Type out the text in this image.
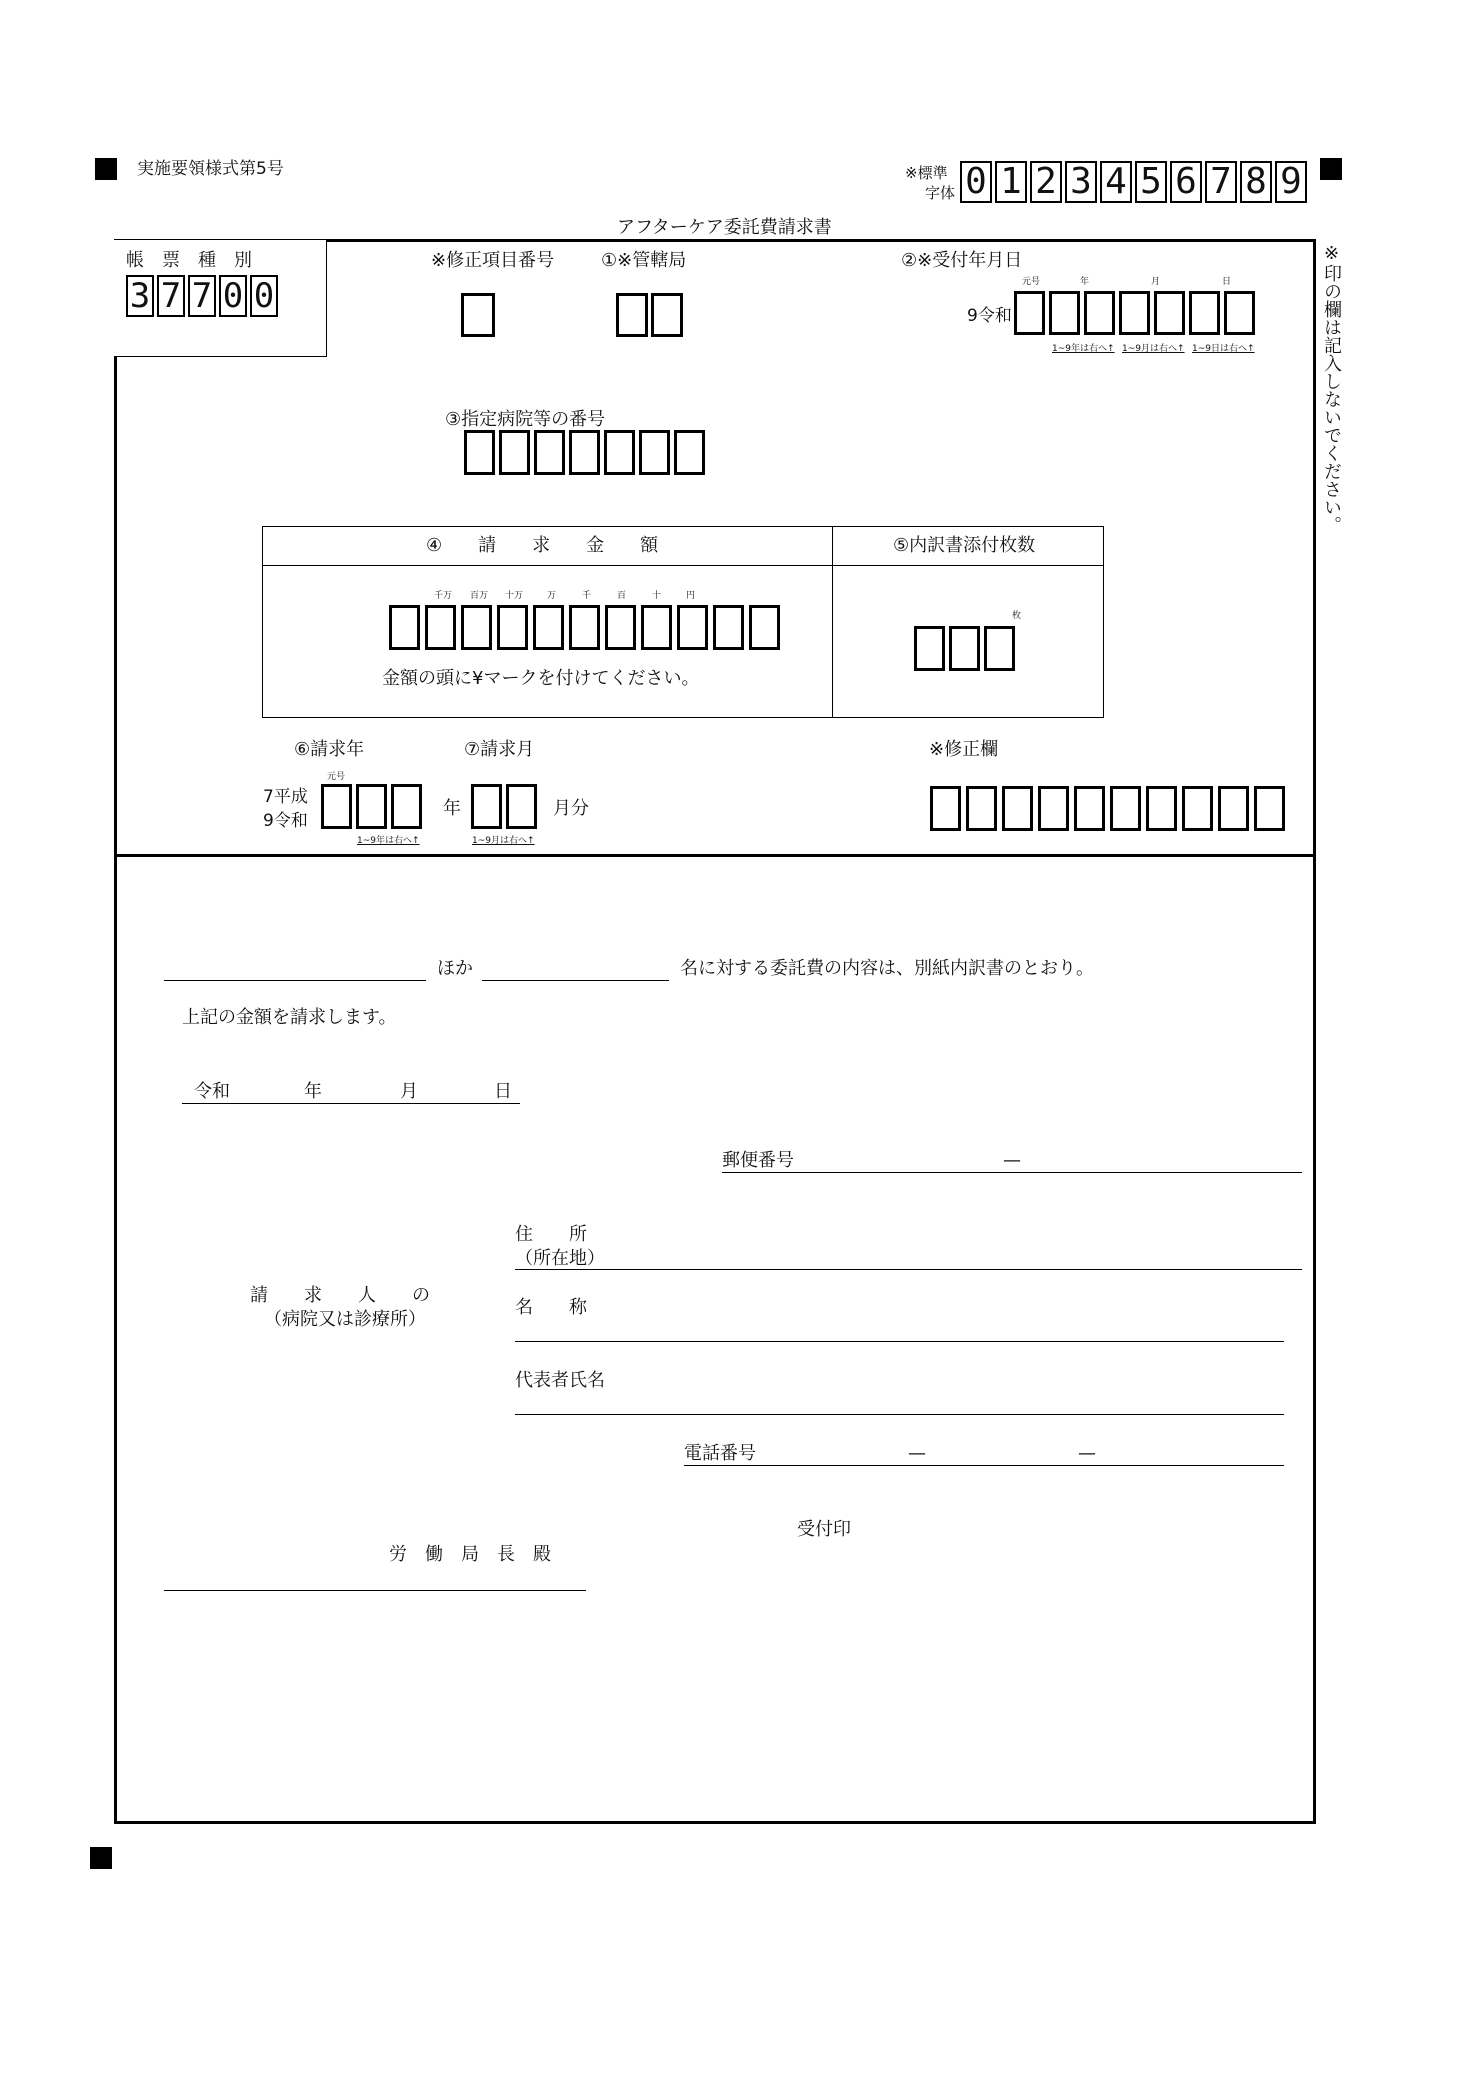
実施要領様式第5号	※標準
字体 0 1 2 3 4 5 6 7 8 9
アフターケア委託費請求書
※印の欄は記入しないでください。
帳　票　種　別
3 7 7 0 0
※修正項目番号	①※管轄局	②※受付年月日
元号	年	月	日
9令和
1~9年は右へ↑ 1~9月は右へ↑ 1~9日は右へ↑
③指定病院等の番号
④　　請　　求　　金　　額	⑤内訳書添付枚数
千万 百万 十万	万	千	百	十	円
金額の頭に¥マークを付けてください。
枚
⑥請求年	⑦請求月	※修正欄
元号
7平成
9令和
1~9年は右へ↑
年
1~9月は右へ↑
月分
ほか	名に対する委託費の内容は、別紙内訳書のとおり。
上記の金額を請求します。
令和	年	月	日
郵便番号	—
住　　所
（所在地）
請　　求　　人　　の
（病院又は診療所）
名　　称
代表者氏名
電話番号	—	—
受付印
労　働　局　長　殿
